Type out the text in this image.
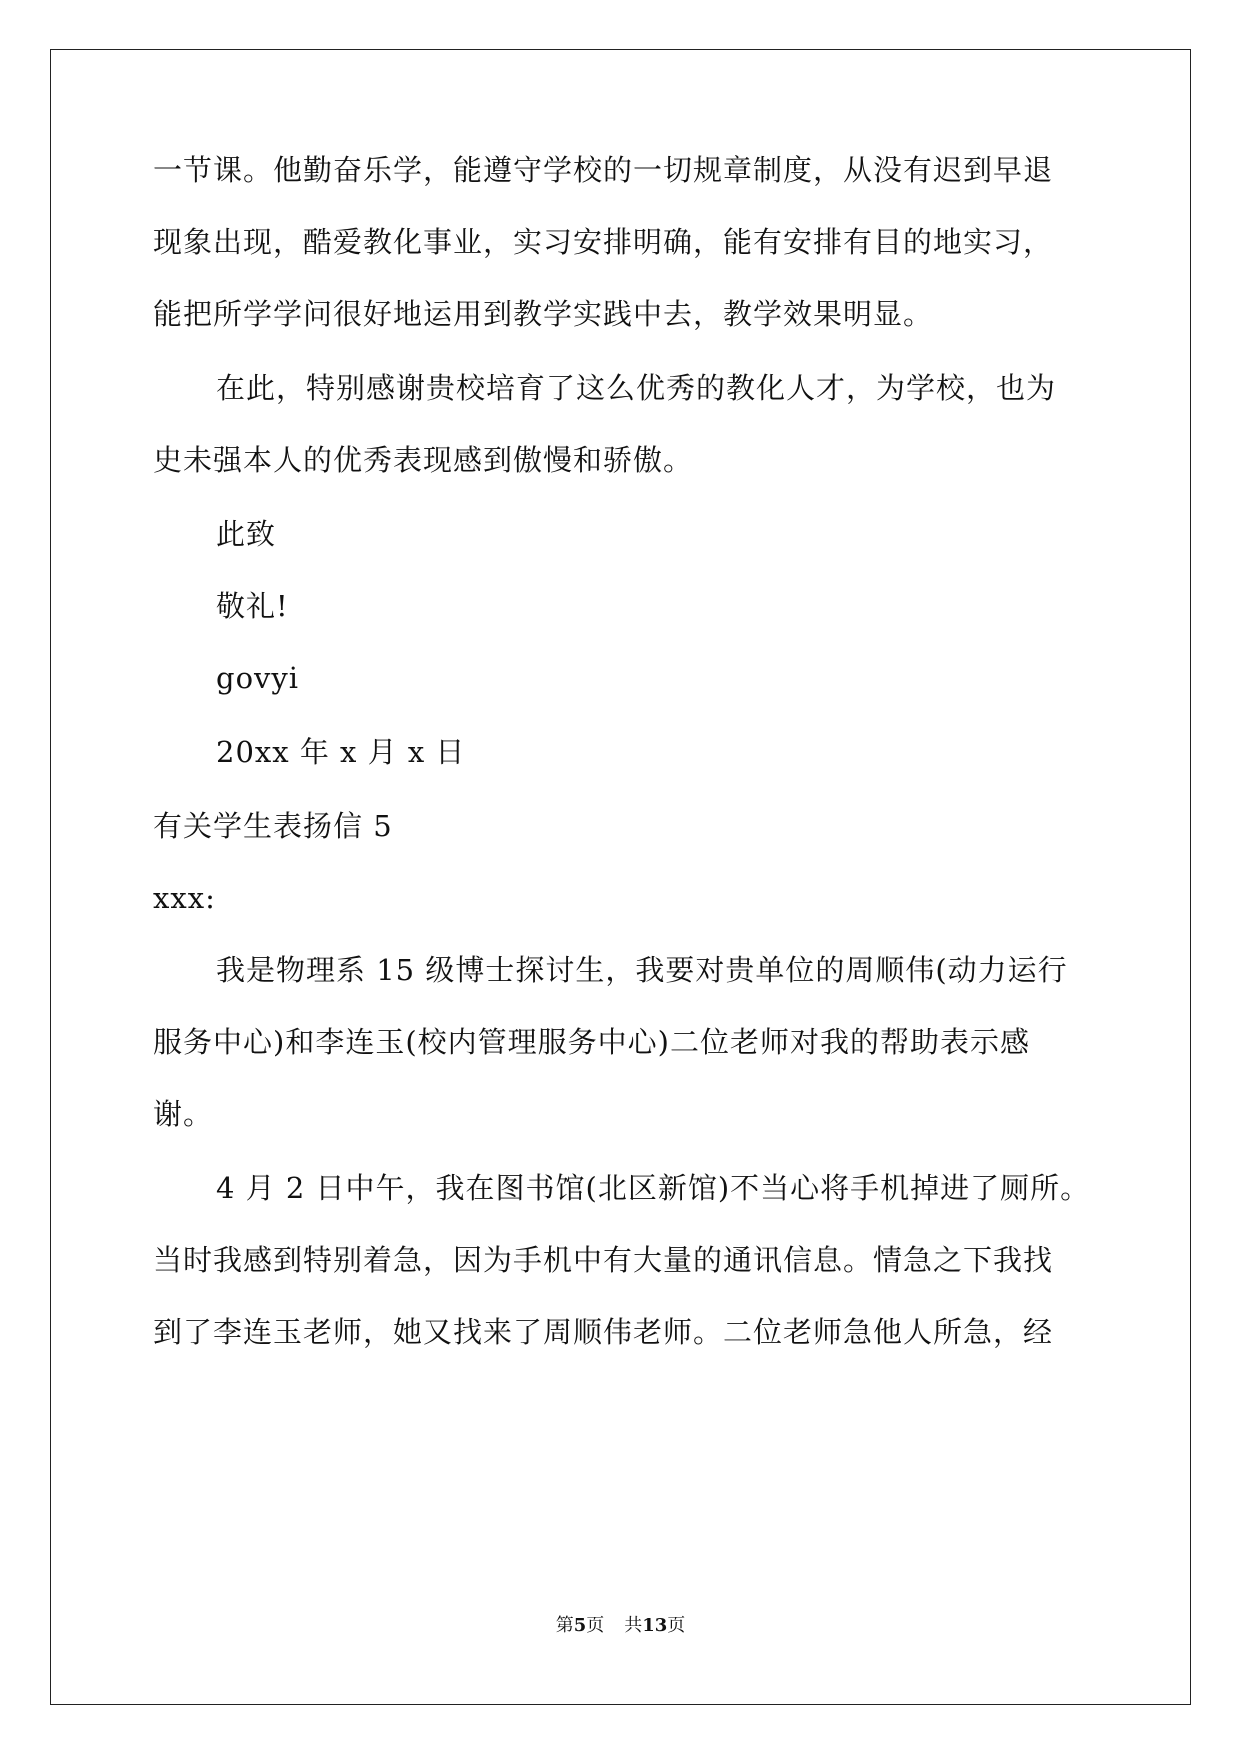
一节课。他勤奋乐学，能遵守学校的一切规章制度，从没有迟到早退
现象出现，酷爱教化事业，实习安排明确，能有安排有目的地实习，
能把所学学问很好地运用到教学实践中去，教学效果明显。
在此，特别感谢贵校培育了这么优秀的教化人才，为学校，也为
史未强本人的优秀表现感到傲慢和骄傲。
此致
敬礼!
govyi
20xx 年 x 月 x 日
有关学生表扬信 5
xxx:
我是物理系 15 级博士探讨生，我要对贵单位的周顺伟(动力运行
服务中心)和李连玉(校内管理服务中心)二位老师对我的帮助表示感
谢。
4 月 2 日中午，我在图书馆(北区新馆)不当心将手机掉进了厕所。
当时我感到特别着急，因为手机中有大量的通讯信息。情急之下我找
到了李连玉老师，她又找来了周顺伟老师。二位老师急他人所急，经
第5页 共13页
